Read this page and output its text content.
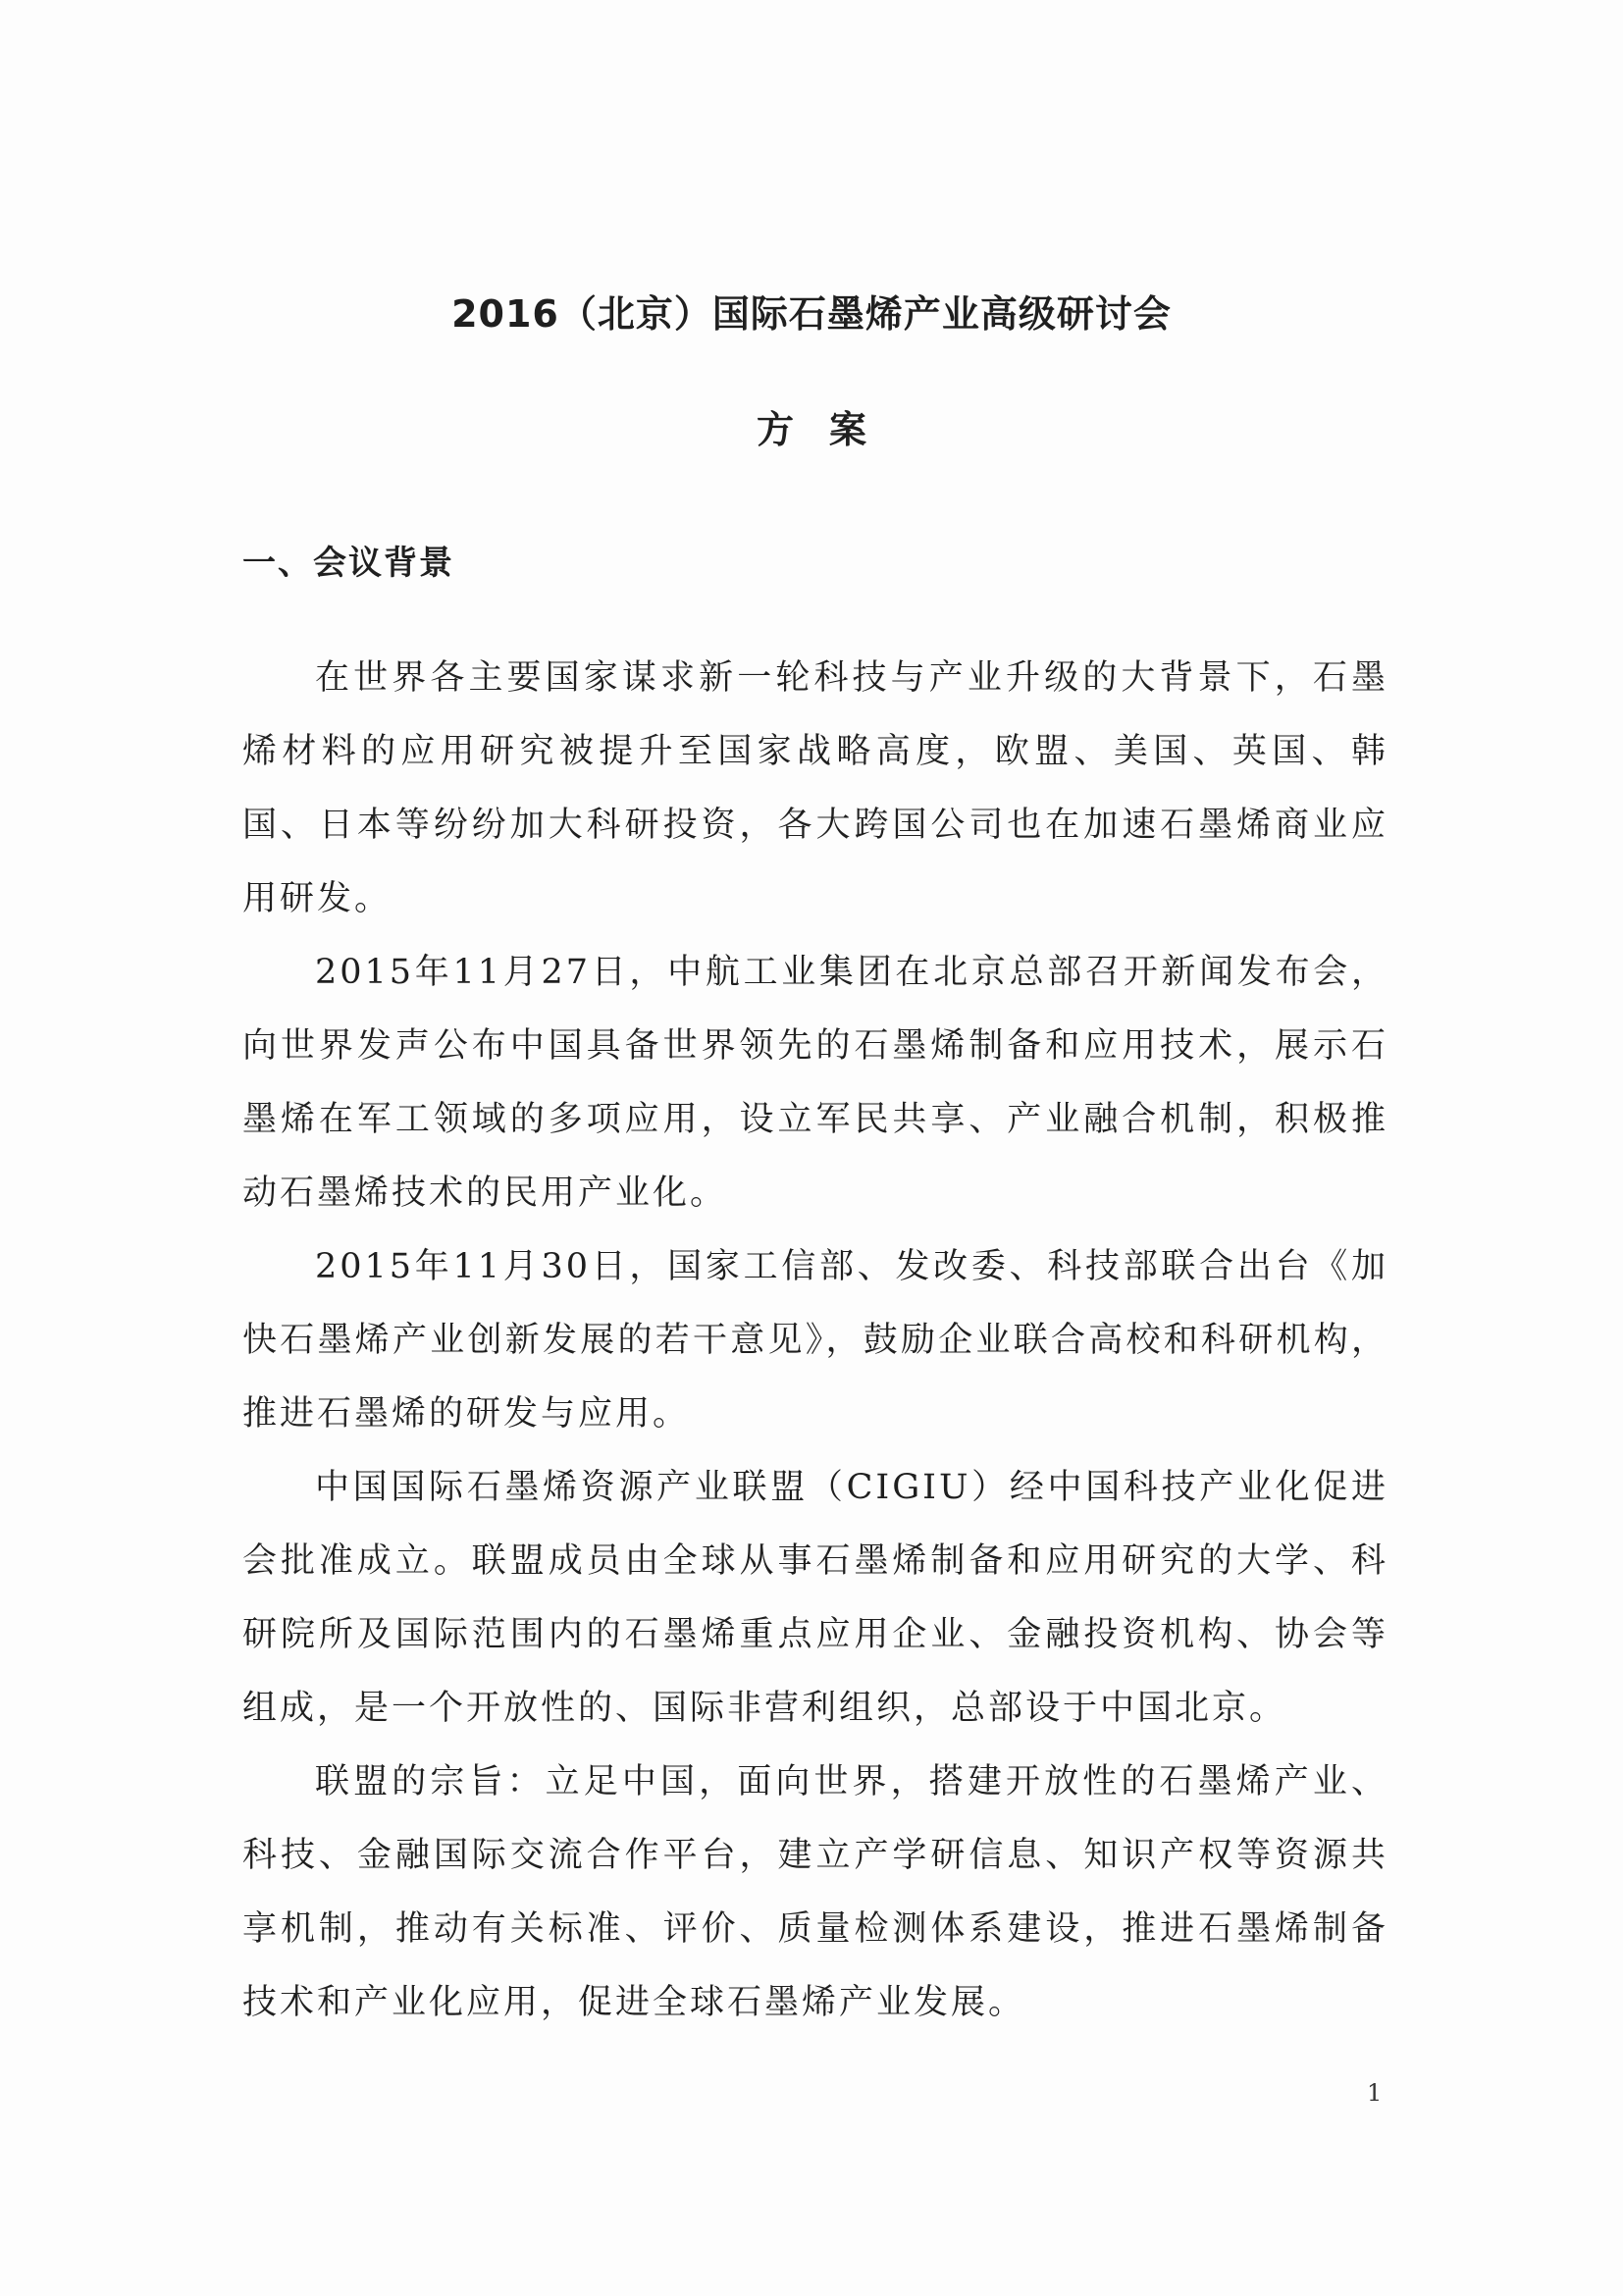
2016（北京）国际石墨烯产业高级研讨会
方案
一、会议背景

在世界各主要国家谋求新一轮科技与产业升级的大背景下，石墨烯材料的应用研究被提升至国家战略高度，欧盟、美国、英国、韩国、日本等纷纷加大科研投资，各大跨国公司也在加速石墨烯商业应用研发。

2015年11月27日，中航工业集团在北京总部召开新闻发布会，向世界发声公布中国具备世界领先的石墨烯制备和应用技术，展示石墨烯在军工领域的多项应用，设立军民共享、产业融合机制，积极推动石墨烯技术的民用产业化。

2015年11月30日，国家工信部、发改委、科技部联合出台《加快石墨烯产业创新发展的若干意见》，鼓励企业联合高校和科研机构，推进石墨烯的研发与应用。

中国国际石墨烯资源产业联盟（CIGIU）经中国科技产业化促进会批准成立。联盟成员由全球从事石墨烯制备和应用研究的大学、科研院所及国际范围内的石墨烯重点应用企业、金融投资机构、协会等组成，是一个开放性的、国际非营利组织，总部设于中国北京。

联盟的宗旨：立足中国，面向世界，搭建开放性的石墨烯产业、科技、金融国际交流合作平台，建立产学研信息、知识产权等资源共享机制，推动有关标准、评价、质量检测体系建设，推进石墨烯制备技术和产业化应用，促进全球石墨烯产业发展。

1
